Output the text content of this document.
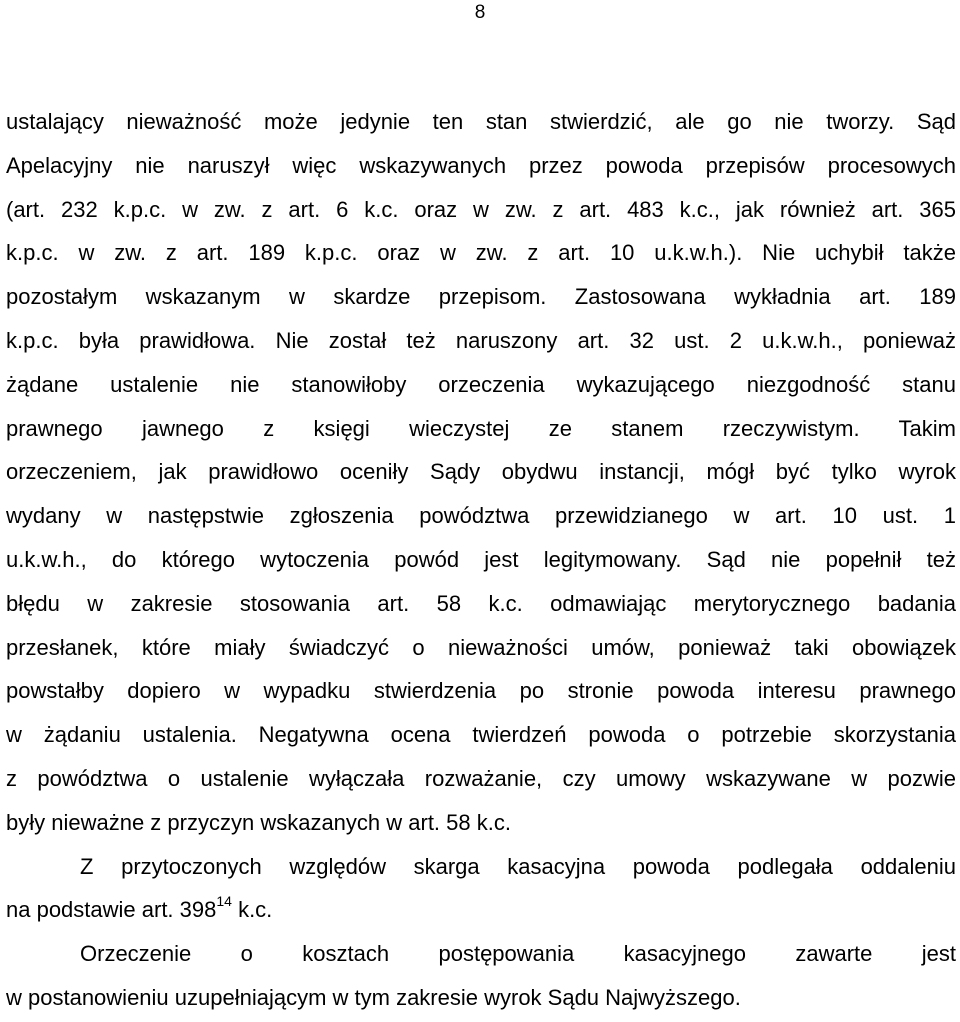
8
ustalający nieważność może jedynie ten stan stwierdzić, ale go nie tworzy. Sąd
Apelacyjny nie naruszył więc wskazywanych przez powoda przepisów procesowych
(art. 232 k.p.c. w zw. z art. 6 k.c. oraz w zw. z art. 483 k.c., jak również art. 365
k.p.c. w zw. z art. 189 k.p.c. oraz w zw. z art. 10 u.k.w.h.). Nie uchybił także
pozostałym wskazanym w skardze przepisom. Zastosowana wykładnia art. 189
k.p.c. była prawidłowa. Nie został też naruszony art. 32 ust. 2 u.k.w.h., ponieważ
żądane ustalenie nie stanowiłoby orzeczenia wykazującego niezgodność stanu
prawnego jawnego z księgi wieczystej ze stanem rzeczywistym. Takim
orzeczeniem, jak prawidłowo oceniły Sądy obydwu instancji, mógł być tylko wyrok
wydany w następstwie zgłoszenia powództwa przewidzianego w art. 10 ust. 1
u.k.w.h., do którego wytoczenia powód jest legitymowany. Sąd nie popełnił też
błędu w zakresie stosowania art. 58 k.c. odmawiając merytorycznego badania
przesłanek, które miały świadczyć o nieważności umów, ponieważ taki obowiązek
powstałby dopiero w wypadku stwierdzenia po stronie powoda interesu prawnego
w żądaniu ustalenia. Negatywna ocena twierdzeń powoda o potrzebie skorzystania
z powództwa o ustalenie wyłączała rozważanie, czy umowy wskazywane w pozwie
były nieważne z przyczyn wskazanych w art. 58 k.c.
Z przytoczonych względów skarga kasacyjna powoda podlegała oddaleniu
na podstawie art. $398^{14}$ k.c.
Orzeczenie o kosztach postępowania kasacyjnego zawarte jest
w postanowieniu uzupełniającym w tym zakresie wyrok Sądu Najwyższego.
